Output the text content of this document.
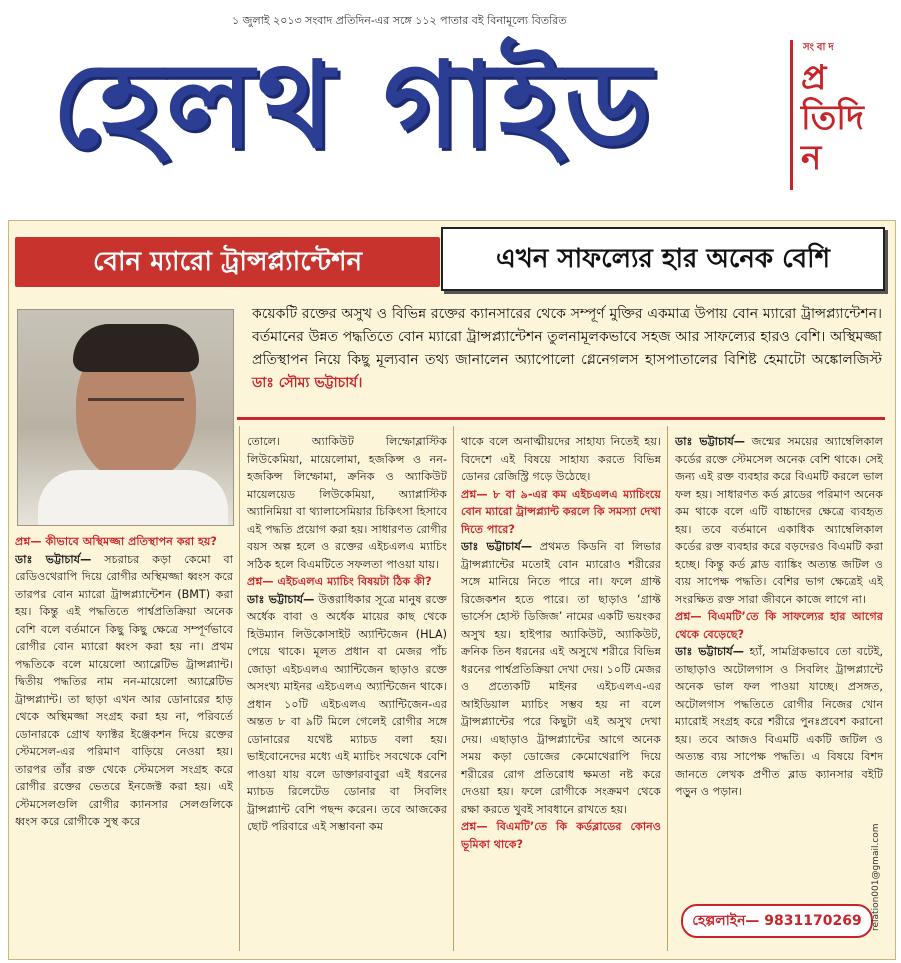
১ জুলাই ২০১৩ সংবাদ প্রতিদিন-এর সঙ্গে ১১২ পাতার বই বিনামূল্যে বিতরিত
হেলথ গাইড	সংবাদ
প্রতিদিন
বোন ম্যারো ট্রান্সপ্ল্যান্টেশন	এখন সাফল্যের হার অনেক বেশি
কয়েকটি রক্তের অসুখ ও বিভিন্ন রক্তের ক্যানসারের থেকে সম্পূর্ণ মুক্তির একমাত্র উপায় বোন ম্যারো ট্রান্সপ্ল্যান্টেশন। বর্তমানের উন্নত পদ্ধতিতে বোন ম্যারো ট্রান্সপ্ল্যান্টেশন তুলনামূলকভাবে সহজ আর সাফল্যের হারও বেশি। অস্থিমজ্জা প্রতিস্থাপন নিয়ে কিছু মূল্যবান তথ্য জানালেন অ্যাপোলো গ্লেনেগলস হাসপাতালের বিশিষ্ট হেমাটো অঙ্কোলজিস্ট ডাঃ সৌম্য ভট্টাচার্য।

প্রশ্ন— কীভাবে অস্থিমজ্জা প্রতিস্থাপন করা হয়?

ডাঃ ভট্টাচার্য— সচরাচর কড়া কেমো বা রেডিওথেরাপি দিয়ে রোগীর অস্থিমজ্জা ধ্বংস করে তারপর বোন ম্যারো ট্রান্সপ্ল্যান্টেশন (BMT) করা হয়। কিন্তু এই পদ্ধতিতে পার্শ্বপ্রতিক্রিয়া অনেক বেশি বলে বর্তমানে কিছু কিছু ক্ষেত্রে সম্পূর্ণভাবে রোগীর বোন ম্যারো ধ্বংস করা হয় না। প্রথম পদ্ধতিকে বলে মায়েলো অ্যাব্লেটিভ ট্রান্সপ্ল্যান্ট। দ্বিতীয় পদ্ধতির নাম নন-মায়েলো অ্যাব্লেটিভ ট্রান্সপ্ল্যান্ট। তা ছাড়া এখন আর ডোনারের হাড় থেকে অস্থিমজ্জা সংগ্রহ করা হয় না, পরিবর্তে ডোনারকে গ্রোথ ফ্যাক্টর ইঞ্জেকশন দিয়ে রক্তের স্টেমসেল-এর পরিমাণ বাড়িয়ে নেওয়া হয়। তারপর তাঁর রক্ত থেকে স্টেমসেল সংগ্রহ করে রোগীর রক্তের ভেতরে ইনজেক্ট করা হয়। এই স্টেমসেলগুলি রোগীর ক্যানসার সেলগুলিকে ধ্বংস করে রোগীকে সুস্থ করে

তোলে। অ্যাকিউট লিম্ফোব্লাস্টিক লিউকেমিয়া, মায়েলোমা, হজকিন্স ও নন-হজকিন্স লিম্ফোমা, ক্রনিক ও অ্যাকিউট মায়েলয়েড লিউকেমিয়া, অ্যাপ্লাস্টিক অ্যানিমিয়া বা থ্যালাসেমিয়ার চিকিৎসা হিসাবে এই পদ্ধতি প্রয়োগ করা হয়। সাধারণত রোগীর বয়স অল্প হলে ও রক্তের এইচএলএ ম্যাচিং সঠিক হলে বিএমটিতে সফলতা পাওয়া যায়।

প্রশ্ন— এইচএলএ ম্যাচিং বিষয়টা ঠিক কী?

ডাঃ ভট্টাচার্য— উত্তরাধিকার সূত্রে মানুষ রক্তে অর্ধেক বাবা ও অর্ধেক মায়ের কাছ থেকে হিউম্যান লিউকোসাইট অ্যান্টিজেন (HLA) পেয়ে থাকে। মূলত প্রধান বা মেজর পাঁচ জোড়া এইচএলএ অ্যান্টিজেন ছাড়াও রক্তে অসংখ্য মাইনর এইচএলএ অ্যান্টিজেন থাকে। প্রধান ১০টি এইচএলএ অ্যান্টিজেন-এর অন্তত ৮ বা ৯টি মিলে গেলেই রোগীর সঙ্গে ডোনারের যথেষ্ট ম্যাচড বলা হয়। ভাইবোনেদের মধ্যে এই ম্যাচিং সবথেকে বেশি পাওয়া যায় বলে ডাক্তারবাবুরা এই ধরনের ম্যাচড রিলেটেড ডোনার বা সিবলিং ট্রান্সপ্ল্যান্ট বেশি পছন্দ করেন। তবে আজকের ছোট পরিবারে এই সম্ভাবনা কম

থাকে বলে অনাত্মীয়দের সাহায্য নিতেই হয়। বিদেশে এই বিষয়ে সাহায্য করতে বিভিন্ন ডোনর রেজিস্ট্রি গড়ে উঠেছে।

প্রশ্ন— ৮ বা ৯-এর কম এইচএলএ ম্যাচিংয়ে বোন ম্যারো ট্রান্সপ্ল্যান্ট করলে কি সমস্যা দেখা দিতে পারে?

ডাঃ ভট্টাচার্য— প্রথমত কিডনি বা লিভার ট্রান্সপ্ল্যান্টের মতোই বোন ম্যারোও শরীরের সঙ্গে মানিয়ে নিতে পারে না। ফলে গ্রাফ্ট রিজেকশন হতে পারে। তা ছাড়াও ‘গ্রাফ্ট ভার্সেস হোস্ট ডিজিজ’ নামের একটি ভয়ংকর অসুখ হয়। হাইপার অ্যাকিউট, অ্যাকিউট, ক্রনিক তিন ধরনের এই অসুখে শরীরে বিভিন্ন ধরনের পার্শ্বপ্রতিক্রিয়া দেখা দেয়। ১০টি মেজর ও প্রত্যেকটি মাইনর এইচএলএ-এর আইডিয়াল ম্যাচিং সম্ভব হয় না বলে ট্রান্সপ্ল্যান্টের পরে কিছুটা এই অসুখ দেখা দেয়। এছাড়াও ট্রান্সপ্ল্যান্টের আগে অনেক সময় কড়া ডোজের কেমোথেরাপি দিয়ে শরীরের রোগ প্রতিরোধ ক্ষমতা নষ্ট করে দেওয়া হয়। ফলে রোগীকে সংক্রমণ থেকে রক্ষা করতে খুবই সাবধানে রাখতে হয়।

প্রশ্ন— বিএমটি’তে কি কর্ডব্লাডের কোনও ভূমিকা থাকে?

ডাঃ ভট্টাচার্য— জন্মের সময়ের অ্যাম্বেলিকাল কর্ডের রক্তে স্টেমসেল অনেক বেশি থাকে। সেই জন্য এই রক্ত ব্যবহার করে বিএমটি করলে ভাল ফল হয়। সাধারণত কর্ড ব্লাডের পরিমাণ অনেক কম থাকে বলে এটি বাচ্চাদের ক্ষেত্রে ব্যবহৃত হয়। তবে বর্তমানে একাধিক অ্যাম্বেলিকাল কর্ডের রক্ত ব্যবহার করে বড়দেরও বিএমটি করা হচ্ছে। কিন্তু কর্ড ব্লাড ব্যাঙ্কিং অত্যন্ত জটিল ও ব্যয় সাপেক্ষ পদ্ধতি। বেশির ভাগ ক্ষেত্রেই এই সংরক্ষিত রক্ত সারা জীবনে কাজে লাগে না।

প্রশ্ন— বিএমটি’তে কি সাফল্যের হার আগের থেকে বেড়েছে?

ডাঃ ভট্টাচার্য— হ্যাঁ, সামগ্রিকভাবে তো বটেই, তাছাড়াও অটোলগাস ও সিবলিং ট্রান্সপ্ল্যান্টে অনেক ভাল ফল পাওয়া যাচ্ছে। প্রসঙ্গত, অটোলগাস পদ্ধতিতে রোগীর নিজের খোন ম্যারোই সংগ্রহ করে শরীরে পুনঃপ্রবেশ করানো হয়। তবে আজও বিএমটি একটি জটিল ও অত্যন্ত ব্যয় সাপেক্ষ পদ্ধতি। এ বিষয়ে বিশদ জানতে লেখক প্রণীত ব্লাড ক্যানসার বইটি পড়ুন ও পড়ান।

হেল্পলাইন— 9831170269	relation001@gmail.com
